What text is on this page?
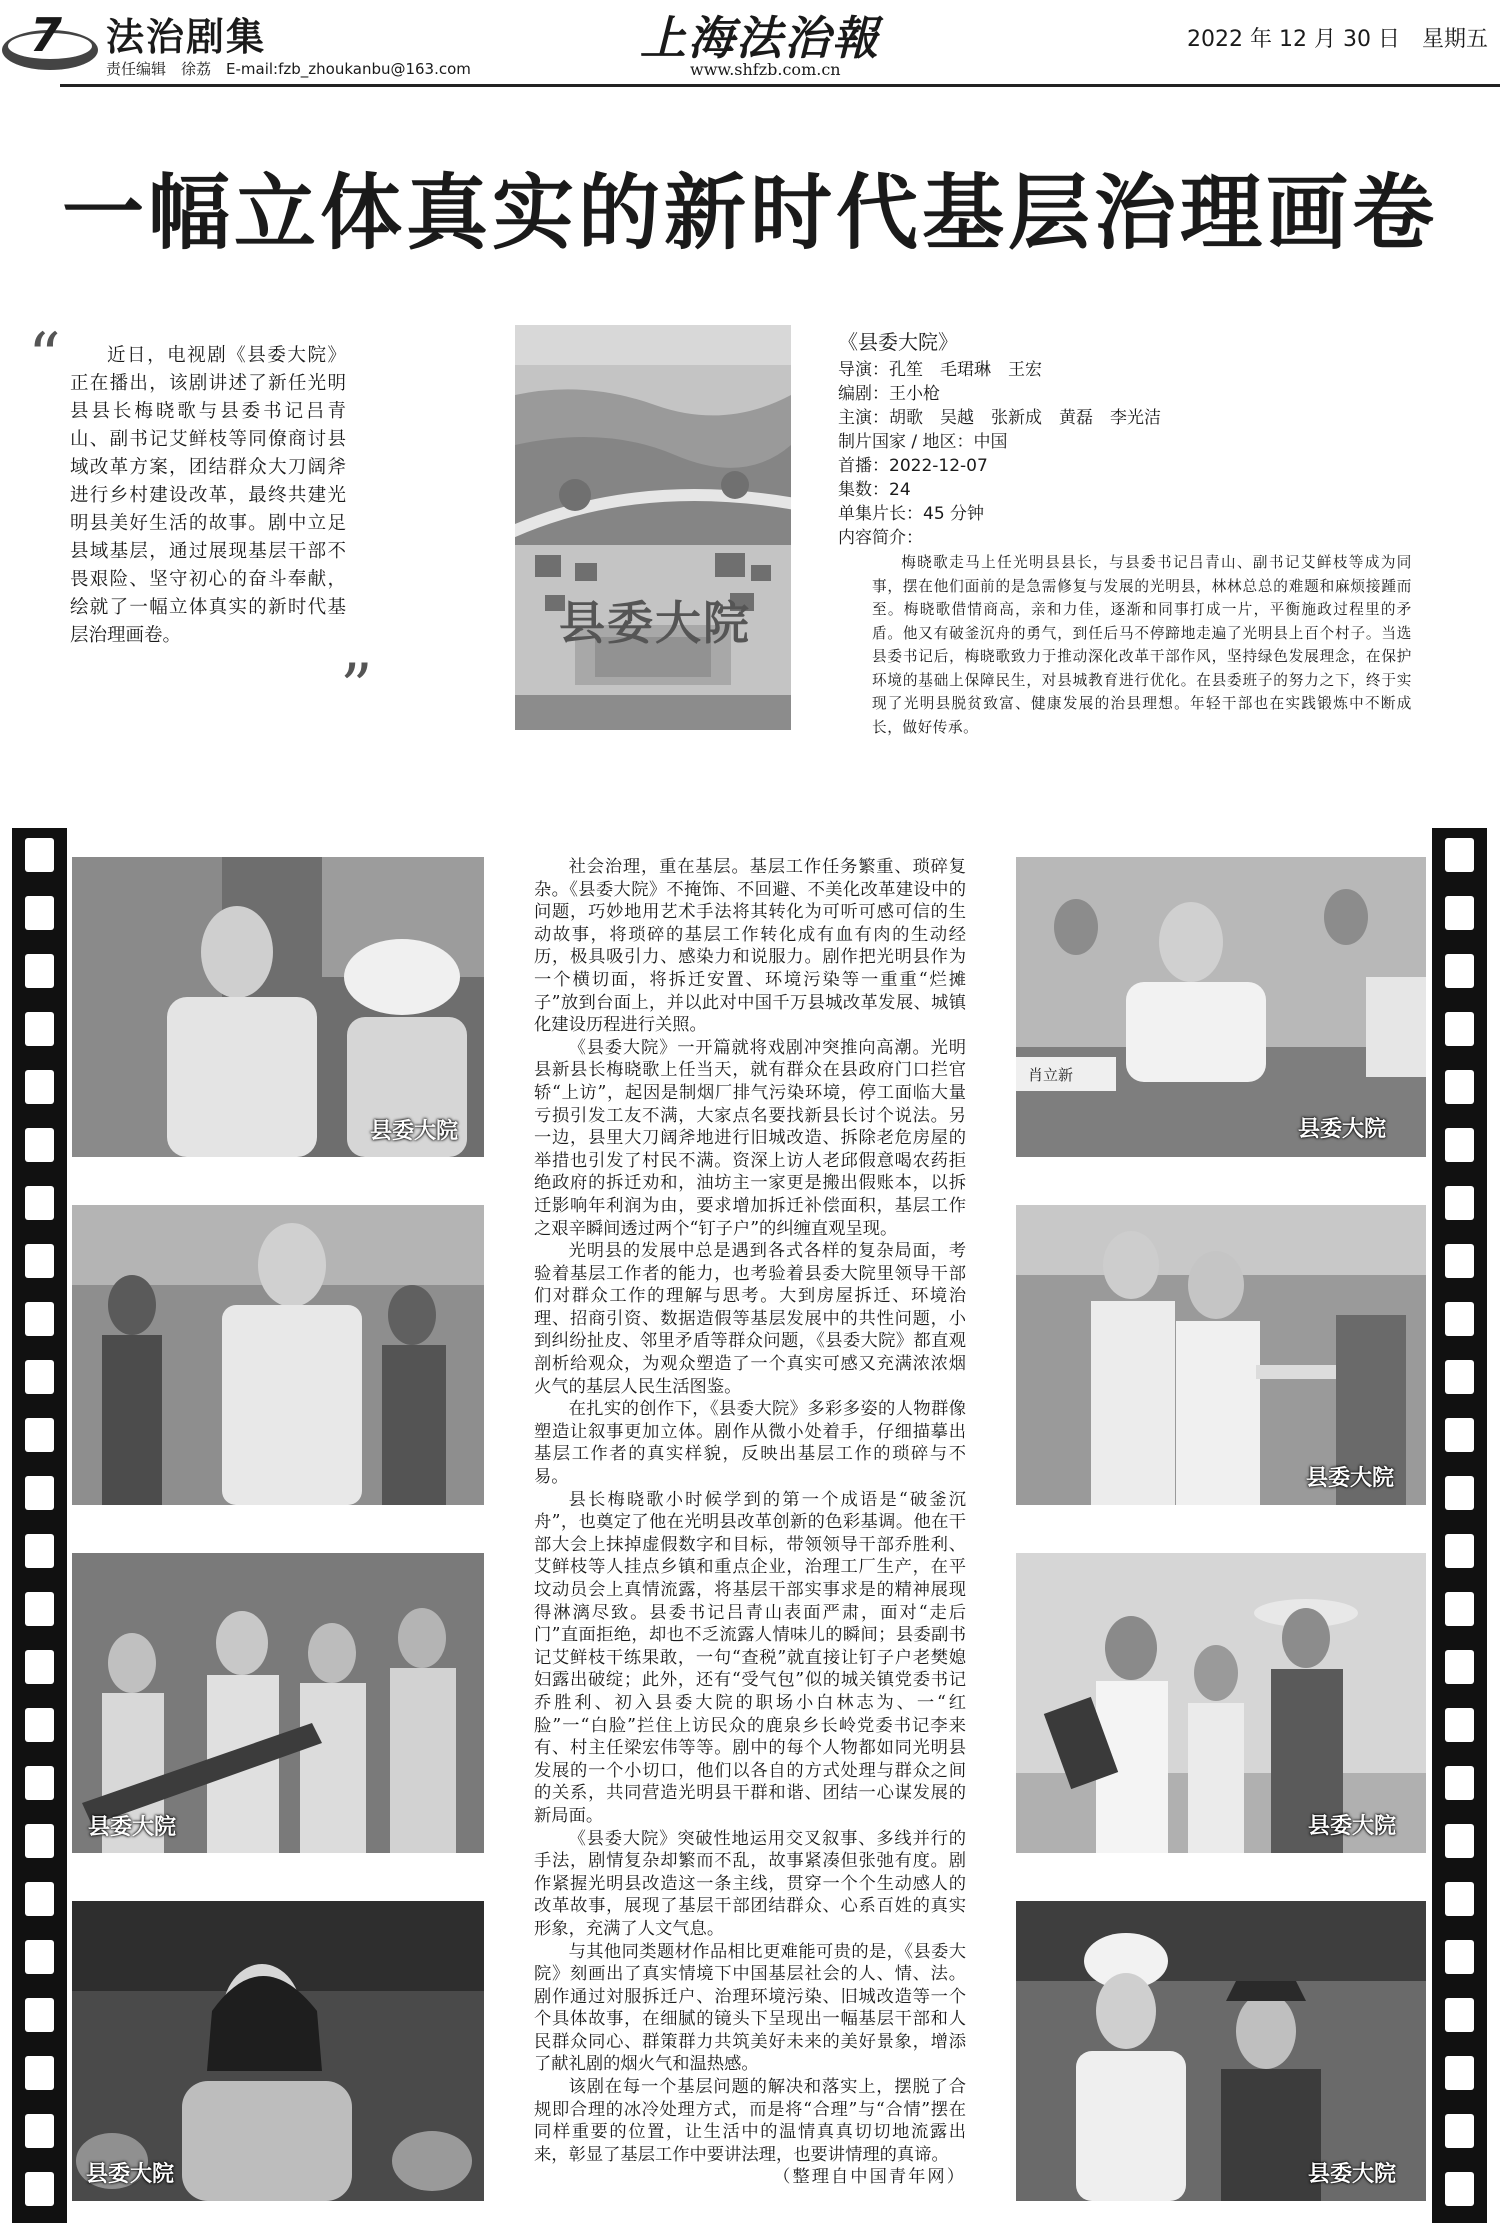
7 法治剧集
责任编辑　徐荔　E-mail:fzb_zhoukanbu@163.com
上海法治報
www.shfzb.com.cn
2022 年 12 月 30 日　星期五
一幅立体真实的新时代基层治理画卷
“	近日，电视剧《县委大院》正在播出，该剧讲述了新任光明县县长梅晓歌与县委书记吕青山、副书记艾鲜枝等同僚商讨县域改革方案，团结群众大刀阔斧进行乡村建设改革，最终共建光明县美好生活的故事。剧中立足县域基层，通过展现基层干部不畏艰险、坚守初心的奋斗奉献，绘就了一幅立体真实的新时代基层治理画卷。
”
县委大院
《县委大院》
导演：孔笙　毛珺琳　王宏
编剧：王小枪
主演：胡歌　吴越　张新成　黄磊　李光洁
制片国家 / 地区：中国
首播：2022-12-07
集数：24
单集片长：45 分钟
内容简介：
梅晓歌走马上任光明县县长，与县委书记吕青山、副书记艾鲜枝等成为同事，摆在他们面前的是急需修复与发展的光明县，林林总总的难题和麻烦接踵而至。梅晓歌借情商高，亲和力佳，逐渐和同事打成一片，平衡施政过程里的矛盾。他又有破釜沉舟的勇气，到任后马不停蹄地走遍了光明县上百个村子。当选县委书记后，梅晓歌致力于推动深化改革干部作风，坚持绿色发展理念，在保护环境的基础上保障民生，对县城教育进行优化。在县委班子的努力之下，终于实现了光明县脱贫致富、健康发展的治县理想。年轻干部也在实践锻炼中不断成长，做好传承。
县委大院
县委大院
县委大院
肖立新
县委大院
县委大院
县委大院
县委大院

社会治理，重在基层。基层工作任务繁重、琐碎复杂。《县委大院》不掩饰、不回避、不美化改革建设中的问题，巧妙地用艺术手法将其转化为可听可感可信的生动故事，将琐碎的基层工作转化成有血有肉的生动经历，极具吸引力、感染力和说服力。剧作把光明县作为一个横切面，将拆迁安置、环境污染等一重重“烂摊子”放到台面上，并以此对中国千万县城改革发展、城镇化建设历程进行关照。

《县委大院》一开篇就将戏剧冲突推向高潮。光明县新县长梅晓歌上任当天，就有群众在县政府门口拦官轿“上访”，起因是制烟厂排气污染环境，停工面临大量亏损引发工友不满，大家点名要找新县长讨个说法。另一边，县里大刀阔斧地进行旧城改造、拆除老危房屋的举措也引发了村民不满。资深上访人老邱假意喝农药拒绝政府的拆迁劝和，油坊主一家更是搬出假账本，以拆迁影响年利润为由，要求增加拆迁补偿面积，基层工作之艰辛瞬间透过两个“钉子户”的纠缠直观呈现。

光明县的发展中总是遇到各式各样的复杂局面，考验着基层工作者的能力，也考验着县委大院里领导干部们对群众工作的理解与思考。大到房屋拆迁、环境治理、招商引资、数据造假等基层发展中的共性问题，小到纠纷扯皮、邻里矛盾等群众问题，《县委大院》都直观剖析给观众，为观众塑造了一个真实可感又充满浓浓烟火气的基层人民生活图鉴。

在扎实的创作下，《县委大院》多彩多姿的人物群像塑造让叙事更加立体。剧作从微小处着手，仔细描摹出基层工作者的真实样貌，反映出基层工作的琐碎与不易。

县长梅晓歌小时候学到的第一个成语是“破釜沉舟”，也奠定了他在光明县改革创新的色彩基调。他在干部大会上抹掉虚假数字和目标，带领领导干部乔胜利、艾鲜枝等人挂点乡镇和重点企业，治理工厂生产，在平坟动员会上真情流露，将基层干部实事求是的精神展现得淋漓尽致。县委书记吕青山表面严肃，面对“走后门”直面拒绝，却也不乏流露人情味儿的瞬间；县委副书记艾鲜枝干练果敢，一句“查税”就直接让钉子户老樊媳妇露出破绽；此外，还有“受气包”似的城关镇党委书记乔胜利、初入县委大院的职场小白林志为、一“红脸”一“白脸”拦住上访民众的鹿泉乡长岭党委书记李来有、村主任梁宏伟等等。剧中的每个人物都如同光明县发展的一个小切口，他们以各自的方式处理与群众之间的关系，共同营造光明县干群和谐、团结一心谋发展的新局面。

《县委大院》突破性地运用交叉叙事、多线并行的手法，剧情复杂却繁而不乱，故事紧凑但张弛有度。剧作紧握光明县改造这一条主线，贯穿一个个生动感人的改革故事，展现了基层干部团结群众、心系百姓的真实形象，充满了人文气息。

与其他同类题材作品相比更难能可贵的是，《县委大院》刻画出了真实情境下中国基层社会的人、情、法。剧作通过対服拆迁户、治理环境污染、旧城改造等一个个具体故事，在细腻的镜头下呈现出一幅基层干部和人民群众同心、群策群力共筑美好未来的美好景象，增添了献礼剧的烟火气和温热感。

该剧在每一个基层问题的解决和落实上，摆脱了合规即合理的冰冷处理方式，而是将“合理”与“合情”摆在同样重要的位置，让生活中的温情真真切切地流露出来，彰显了基层工作中要讲法理，也要讲情理的真谛。

（整理自中国青年网）
